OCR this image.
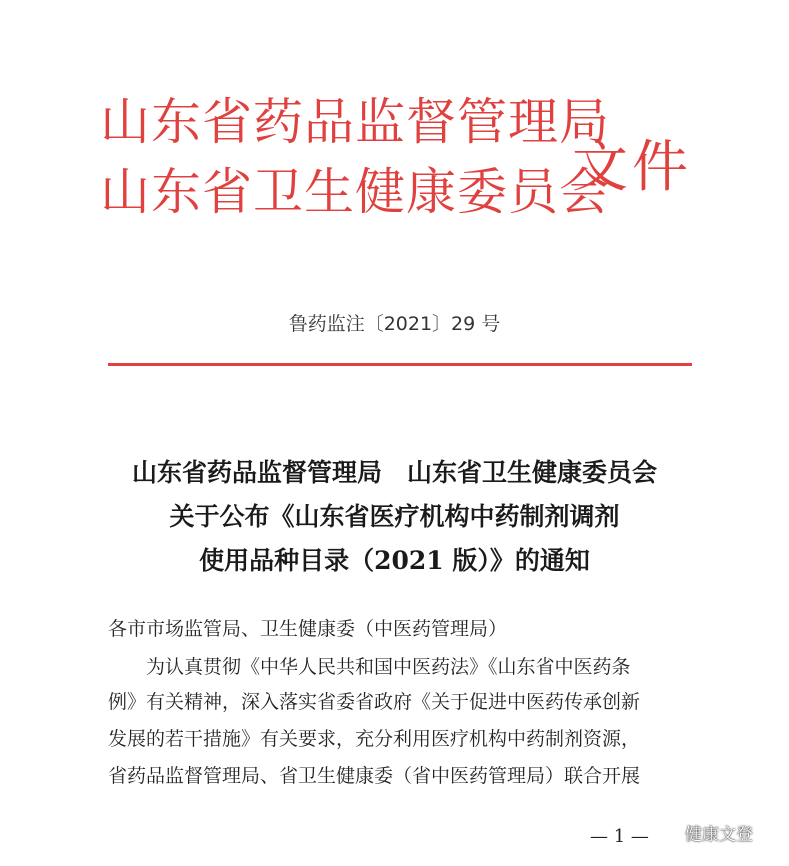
山东省药品监督管理局
山东省卫生健康委员会
文件
鲁药监注〔2021〕29 号
山东省药品监督管理局　山东省卫生健康委员会
关于公布《山东省医疗机构中药制剂调剂
使用品种目录（2021 版）》的通知
各市市场监管局、卫生健康委（中医药管理局）
为认真贯彻《中华人民共和国中医药法》《山东省中医药条
例》有关精神，深入落实省委省政府《关于促进中医药传承创新
发展的若干措施》有关要求，充分利用医疗机构中药制剂资源，
省药品监督管理局、省卫生健康委（省中医药管理局）联合开展
— 1 — 健康文登
